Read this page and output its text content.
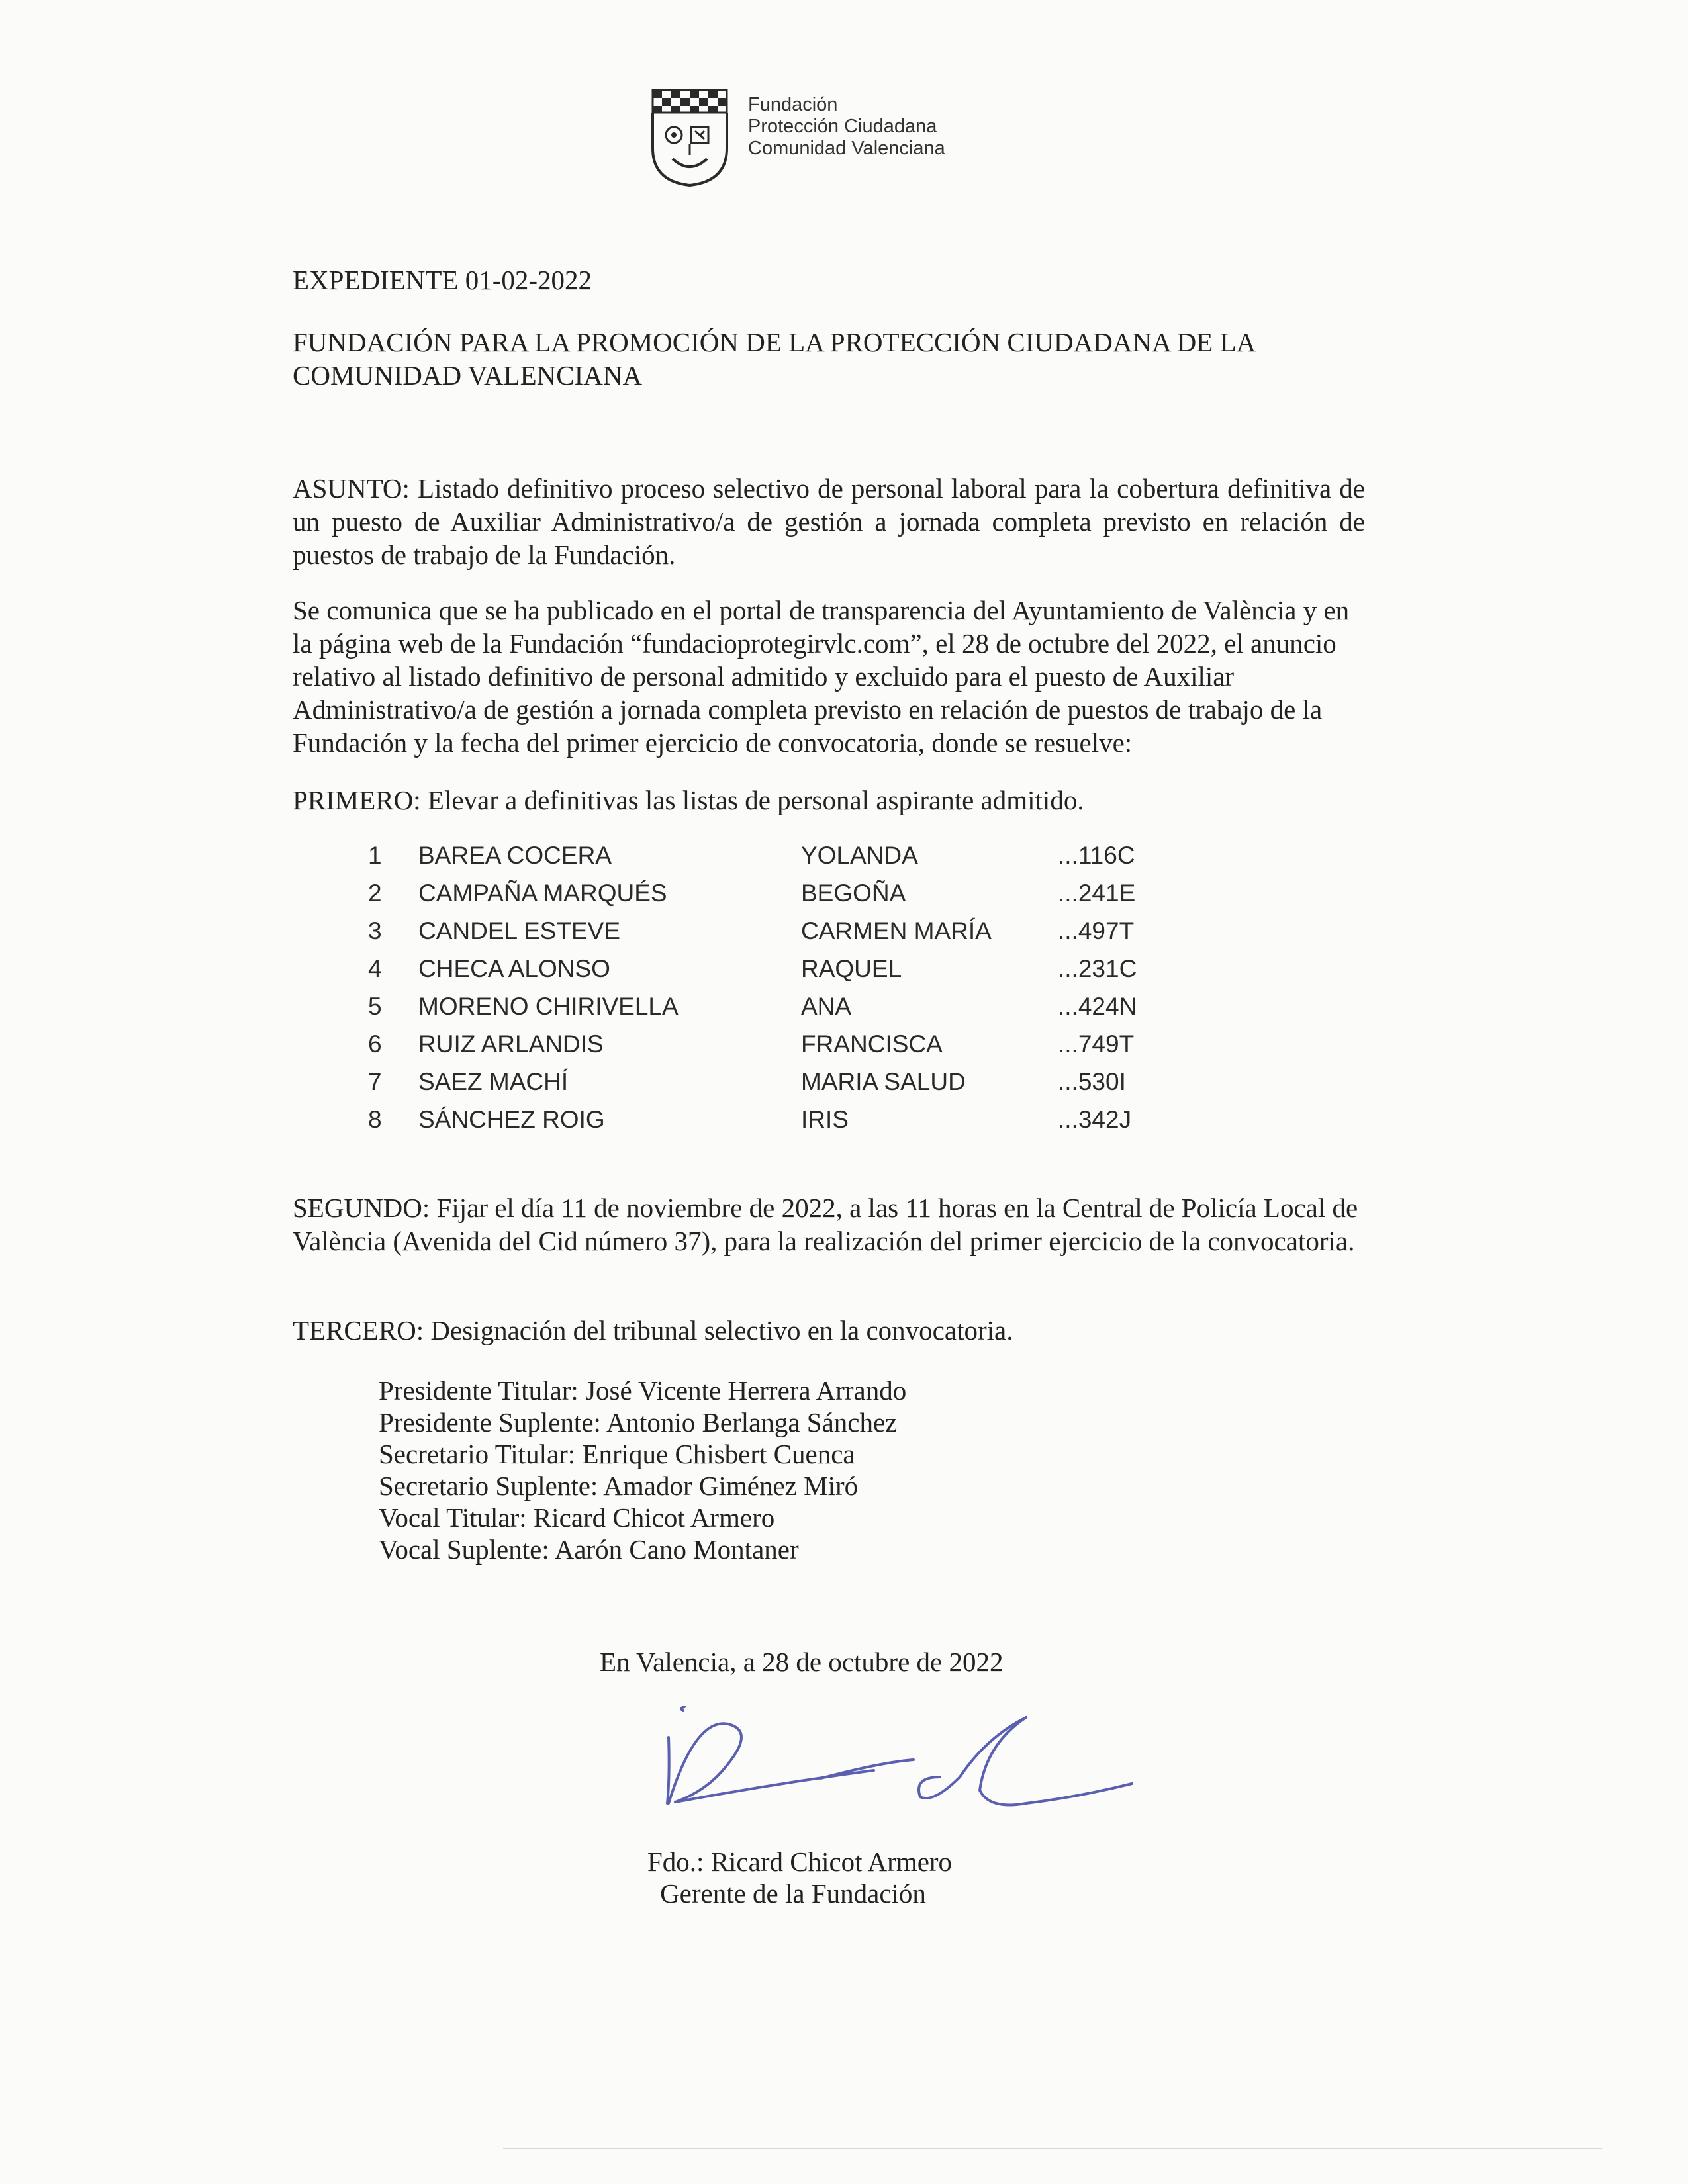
Fundación
Protección Ciudadana
Comunidad Valenciana

EXPEDIENTE 01-02-2022

FUNDACIÓN PARA LA PROMOCIÓN DE LA PROTECCIÓN CIUDADANA DE LA COMUNIDAD VALENCIANA

ASUNTO: Listado definitivo proceso selectivo de personal laboral para la cobertura definitiva de un puesto de Auxiliar Administrativo/a de gestión a jornada completa previsto en relación de puestos de trabajo de la Fundación.

Se comunica que se ha publicado en el portal de transparencia del Ayuntamiento de València y en la página web de la Fundación “fundacioprotegirvlc.com”, el 28 de octubre del 2022, el anuncio relativo al listado definitivo de personal admitido y excluido para el puesto de Auxiliar Administrativo/a de gestión a jornada completa previsto en relación de puestos de trabajo de la Fundación y la fecha del primer ejercicio de convocatoria, donde se resuelve:

PRIMERO: Elevar a definitivas las listas de personal aspirante admitido.

1 BAREA COCERA	YOLANDA	...116C
2 CAMPAÑA MARQUÉS	BEGOÑA	...241E
3 CANDEL ESTEVE	CARMEN MARÍA	...497T
4 CHECA ALONSO	RAQUEL	...231C
5 MORENO CHIRIVELLA	ANA	...424N
6 RUIZ ARLANDIS	FRANCISCA	...749T
7 SAEZ MACHÍ	MARIA SALUD	...530I
8 SÁNCHEZ ROIG	IRIS	...342J

SEGUNDO: Fijar el día 11 de noviembre de 2022, a las 11 horas en la Central de Policía Local de València (Avenida del Cid número 37), para la realización del primer ejercicio de la convocatoria.

TERCERO: Designación del tribunal selectivo en la convocatoria.

Presidente Titular: José Vicente Herrera Arrando
Presidente Suplente: Antonio Berlanga Sánchez
Secretario Titular: Enrique Chisbert Cuenca
Secretario Suplente: Amador Giménez Miró
Vocal Titular: Ricard Chicot Armero
Vocal Suplente: Aarón Cano Montaner
En Valencia, a 28 de octubre de 2022
Fdo.: Ricard Chicot Armero
Gerente de la Fundación
